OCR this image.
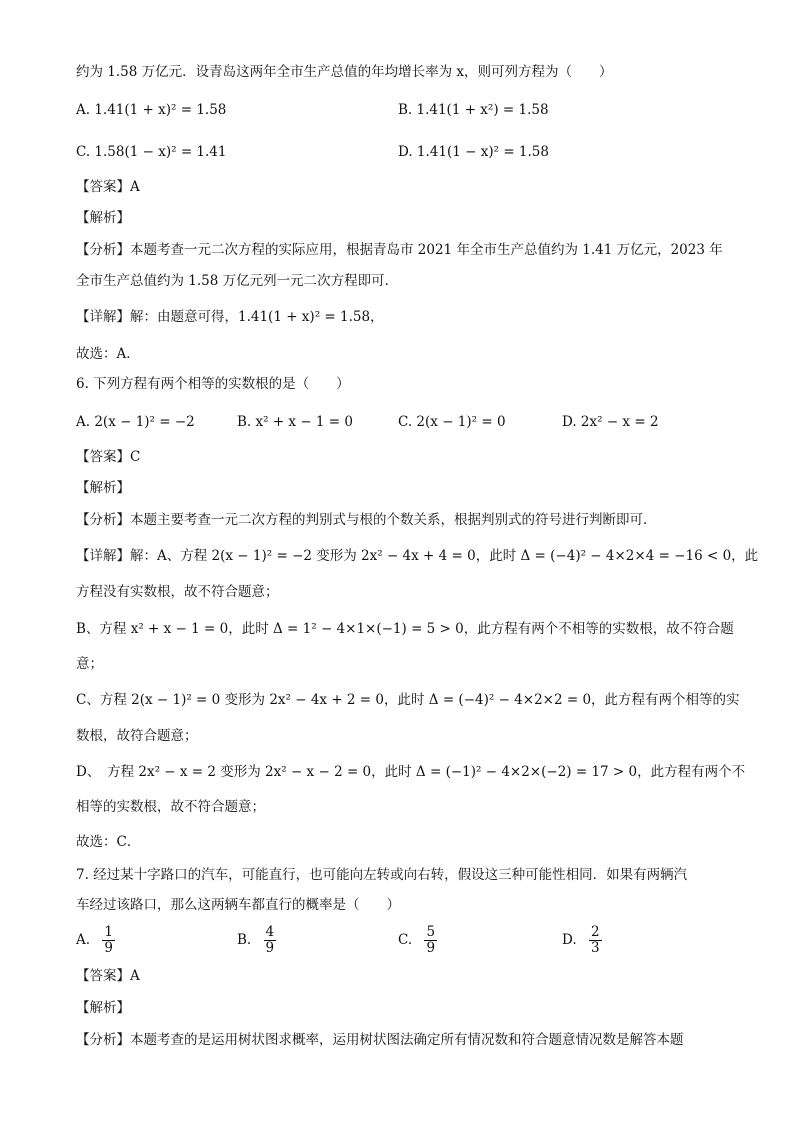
约为 1.58 万亿元．设青岛这两年全市生产总值的年均增长率为 x，则可列方程为（　　）
A. 1.41(1 + x)² = 1.58	B. 1.41(1 + x²) = 1.58
C. 1.58(1 − x)² = 1.41	D. 1.41(1 − x)² = 1.58
【答案】A
【解析】
【分析】本题考查一元二次方程的实际应用，根据青岛市 2021 年全市生产总值约为 1.41 万亿元，2023 年
全市生产总值约为 1.58 万亿元列一元二次方程即可．
【详解】解：由题意可得，1.41(1 + x)² = 1.58，
故选：A．
6. 下列方程有两个相等的实数根的是（　　）
A. 2(x − 1)² = −2	B. x² + x − 1 = 0	C. 2(x − 1)² = 0	D. 2x² − x = 2
【答案】C
【解析】
【分析】本题主要考查一元二次方程的判别式与根的个数关系，根据判别式的符号进行判断即可．
【详解】解：A、方程 2(x − 1)² = −2 变形为 2x² − 4x + 4 = 0，此时 Δ = (−4)² − 4×2×4 = −16 < 0，此
方程没有实数根，故不符合题意；
B、方程 x² + x − 1 = 0，此时 Δ = 1² − 4×1×(−1) = 5 > 0，此方程有两个不相等的实数根，故不符合题
意；
C、方程 2(x − 1)² = 0 变形为 2x² − 4x + 2 = 0，此时 Δ = (−4)² − 4×2×2 = 0，此方程有两个相等的实
数根，故符合题意；
D、　方程 2x² − x = 2 变形为 2x² − x − 2 = 0，此时 Δ = (−1)² − 4×2×(−2) = 17 > 0，此方程有两个不
相等的实数根，故不符合题意；
故选：C．
7. 经过某十字路口的汽车，可能直行，也可能向左转或向右转，假设这三种可能性相同．如果有两辆汽
车经过该路口，那么这两辆车都直行的概率是（　　）
A. $\frac{1}{9}$	B. $\frac{4}{9}$	C. $\frac{5}{9}$	D. $\frac{2}{3}$
【答案】A
【解析】
【分析】本题考查的是运用树状图求概率，运用树状图法确定所有情况数和符合题意情况数是解答本题
